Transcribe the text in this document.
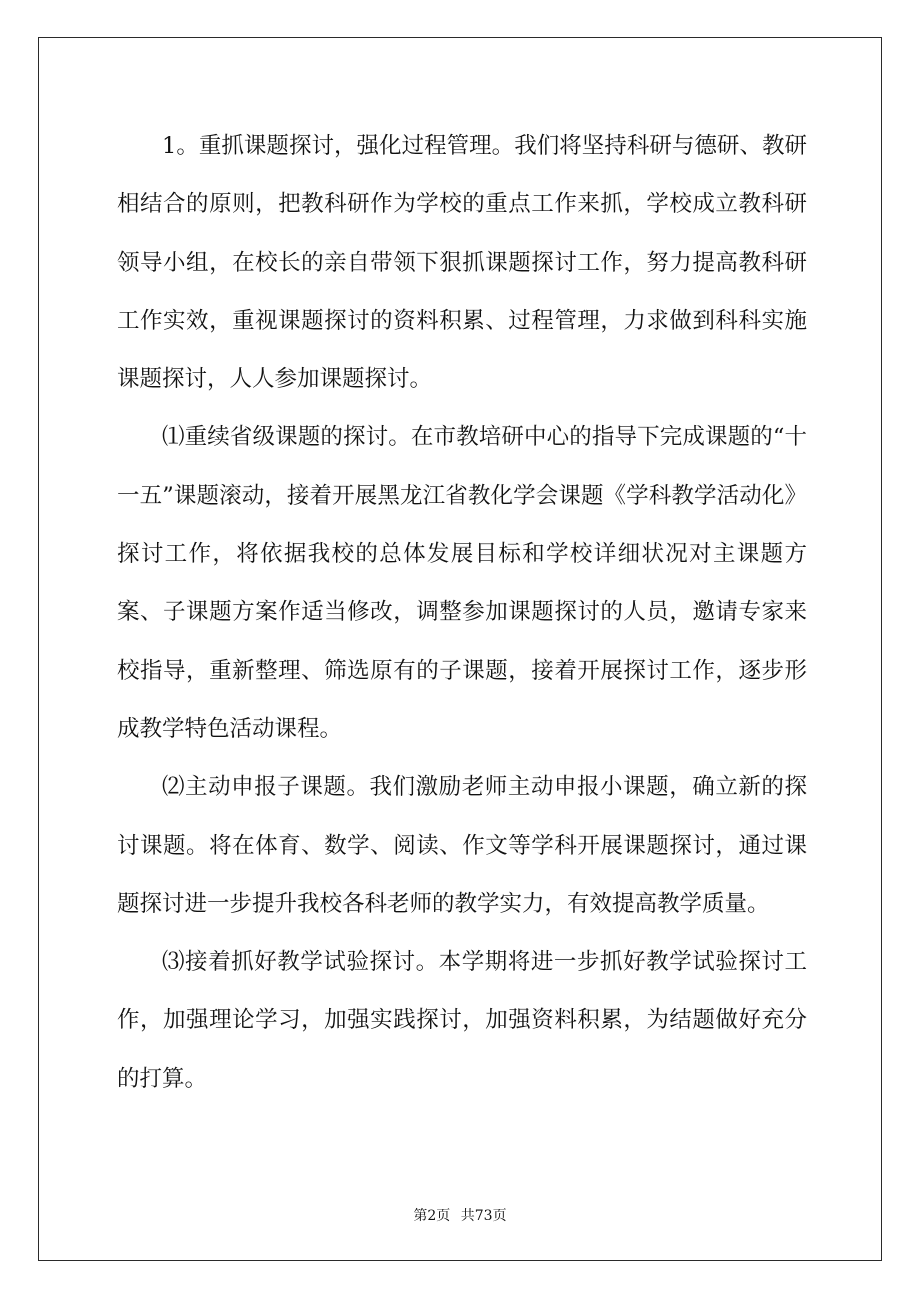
1。重抓课题探讨，强化过程管理。我们将坚持科研与德研、教研相结合的原则，把教科研作为学校的重点工作来抓，学校成立教科研领导小组，在校长的亲自带领下狠抓课题探讨工作，努力提高教科研工作实效，重视课题探讨的资料积累、过程管理，力求做到科科实施课题探讨，人人参加课题探讨。

⑴重续省级课题的探讨。在市教培研中心的指导下完成课题的“十一五”课题滚动，接着开展黑龙江省教化学会课题《学科教学活动化》探讨工作，将依据我校的总体发展目标和学校详细状况对主课题方案、子课题方案作适当修改，调整参加课题探讨的人员，邀请专家来校指导，重新整理、筛选原有的子课题，接着开展探讨工作，逐步形成教学特色活动课程。

⑵主动申报子课题。我们激励老师主动申报小课题，确立新的探讨课题。将在体育、数学、阅读、作文等学科开展课题探讨，通过课题探讨进一步提升我校各科老师的教学实力，有效提高教学质量。

⑶接着抓好教学试验探讨。本学期将进一步抓好教学试验探讨工作，加强理论学习，加强实践探讨，加强资料积累，为结题做好充分的打算。

第2页 共73页
